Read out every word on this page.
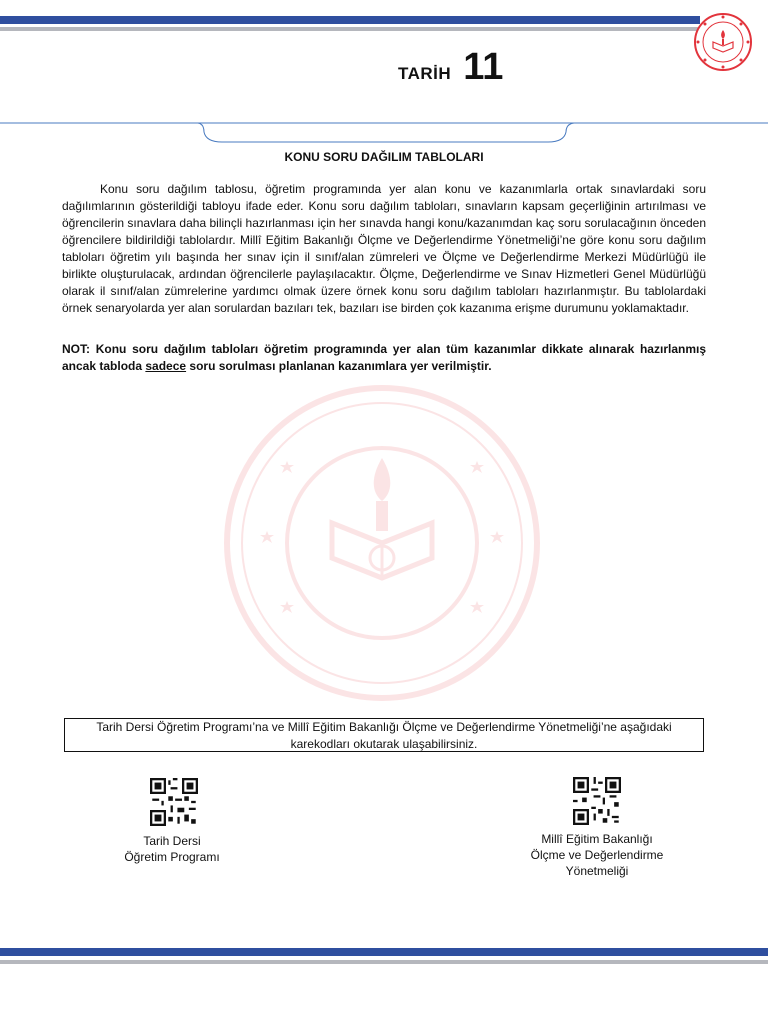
TARİH 11
KONU SORU DAĞILIM TABLOLARI

Konu soru dağılım tablosu, öğretim programında yer alan konu ve kazanımlarla ortak sınavlardaki soru dağılımlarının gösterildiği tabloyu ifade eder. Konu soru dağılım tabloları, sınavların kapsam geçerliğinin artırılması ve öğrencilerin sınavlara daha bilinçli hazırlanması için her sınavda hangi konu/kazanımdan kaç soru sorulacağının önceden öğrencilere bildirildiği tablolardır. Millî Eğitim Bakanlığı Ölçme ve Değerlendirme Yönetmeliği’ne göre konu soru dağılım tabloları öğretim yılı başında her sınav için il sınıf/alan zümreleri ve Ölçme ve Değerlendirme Merkezi Müdürlüğü ile birlikte oluşturulacak, ardından öğrencilerle paylaşılacaktır. Ölçme, Değerlendirme ve Sınav Hizmetleri Genel Müdürlüğü olarak il sınıf/alan zümrelerine yardımcı olmak üzere örnek konu soru dağılım tabloları hazırlanmıştır. Bu tablolardaki örnek senaryolarda yer alan sorulardan bazıları tek, bazıları ise birden çok kazanıma erişme durumunu yoklamaktadır.

NOT: Konu soru dağılım tabloları öğretim programında yer alan tüm kazanımlar dikkate alınarak hazırlanmış ancak tabloda sadece soru sorulması planlanan kazanımlara yer verilmiştir.
Tarih Dersi Öğretim Programı’na ve Millî Eğitim Bakanlığı Ölçme ve Değerlendirme Yönetmeliği’ne aşağıdaki karekodları okutarak ulaşabilirsiniz.
Tarih Dersi
Öğretim Programı
Millî Eğitim Bakanlığı
Ölçme ve Değerlendirme
Yönetmeliği
